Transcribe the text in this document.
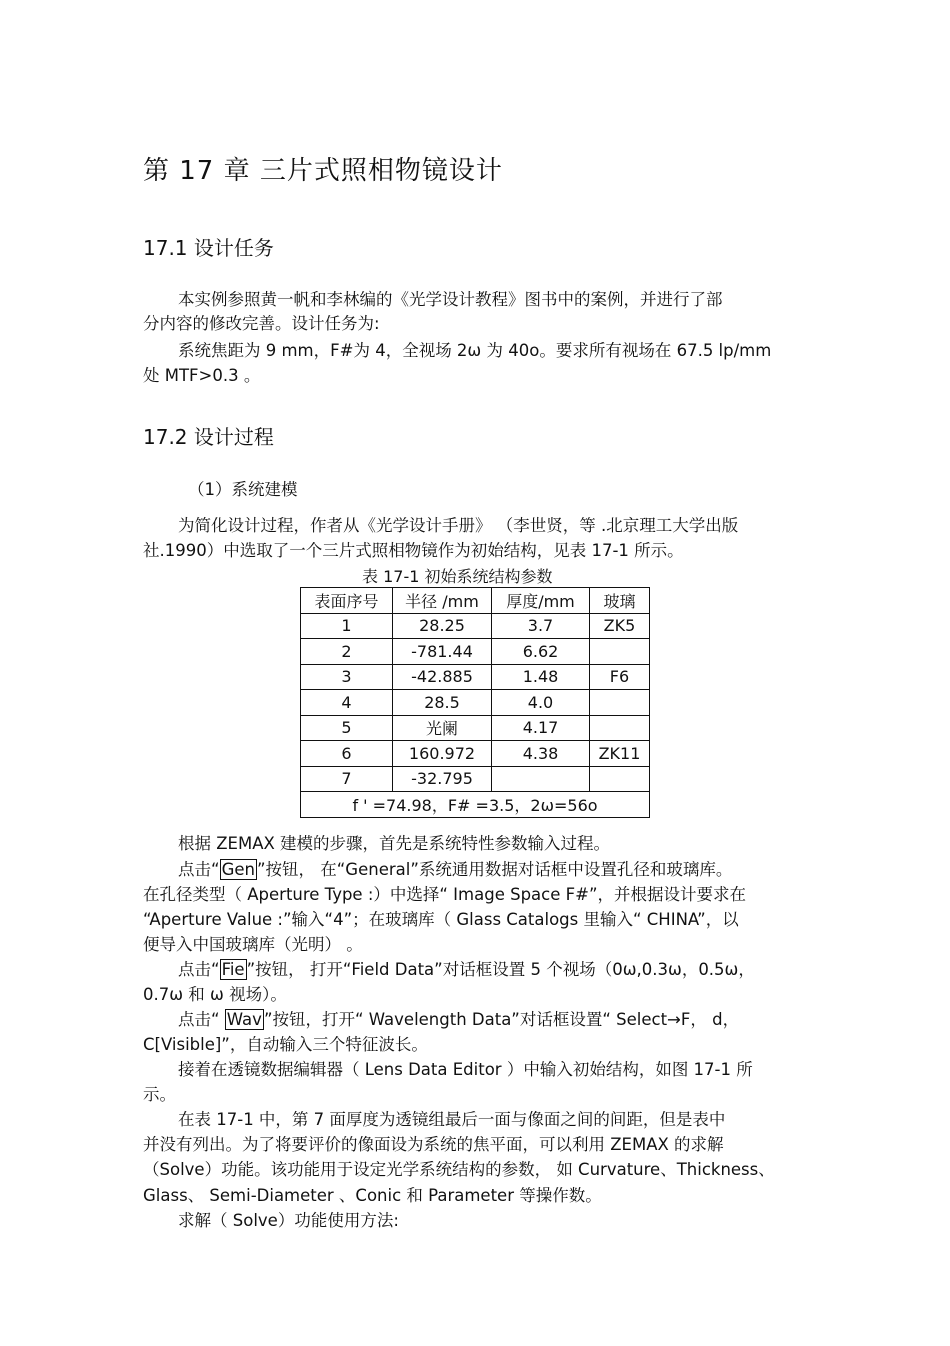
第 17 章 三片式照相物镜设计
17.1 设计任务
本实例参照黄一帆和李林编的《光学设计教程》图书中的案例，并进行了部
分内容的修改完善。设计任务为:
系统焦距为 9 mm，F#为 4，全视场 2ω 为 40o。要求所有视场在 67.5 lp/mm
处 MTF>0.3 。
17.2 设计过程
（1）系统建模
为简化设计过程，作者从《光学设计手册》 （李世贤，等 .北京理工大学出版
社.1990）中选取了一个三片式照相物镜作为初始结构，见表 17-1 所示。
表 17-1 初始系统结构参数
表面序号	半径 /mm	厚度/mm	玻璃
1	28.25	3.7	ZK5
2	-781.44	6.62	
3	-42.885	1.48	F6
4	28.5	4.0	
5	光阑	4.17	
6	160.972	4.38	ZK11
7	-32.795		
f ' =74.98，F# =3.5，2ω=56o			
根据 ZEMAX 建模的步骤，首先是系统特性参数输入过程。
点击“ Gen ”按钮， 在“General”系统通用数据对话框中设置孔径和玻璃库。
在孔径类型（ Aperture Type :）中选择“ Image Space F#”，并根据设计要求在
“Aperture Value :”输入“4”；在玻璃库（ Glass Catalogs 里输入“ CHINA”，以
便导入中国玻璃库（光明） 。
点击“ Fie ”按钮， 打开“Field Data”对话框设置 5 个视场（0ω,0.3ω，0.5ω，
0.7ω 和 ω 视场）。
点击“ Wav ”按钮，打开“ Wavelength Data”对话框设置“ Select→F， d，
C[Visible]”，自动输入三个特征波长。
接着在透镜数据编辑器（ Lens Data Editor ）中输入初始结构，如图 17-1 所
示。
在表 17-1 中，第 7 面厚度为透镜组最后一面与像面之间的间距，但是表中
并没有列出。为了将要评价的像面设为系统的焦平面，可以利用 ZEMAX 的求解
（Solve）功能。该功能用于设定光学系统结构的参数， 如 Curvature、Thickness、
Glass、 Semi-Diameter 、Conic 和 Parameter 等操作数。
求解（ Solve）功能使用方法:
